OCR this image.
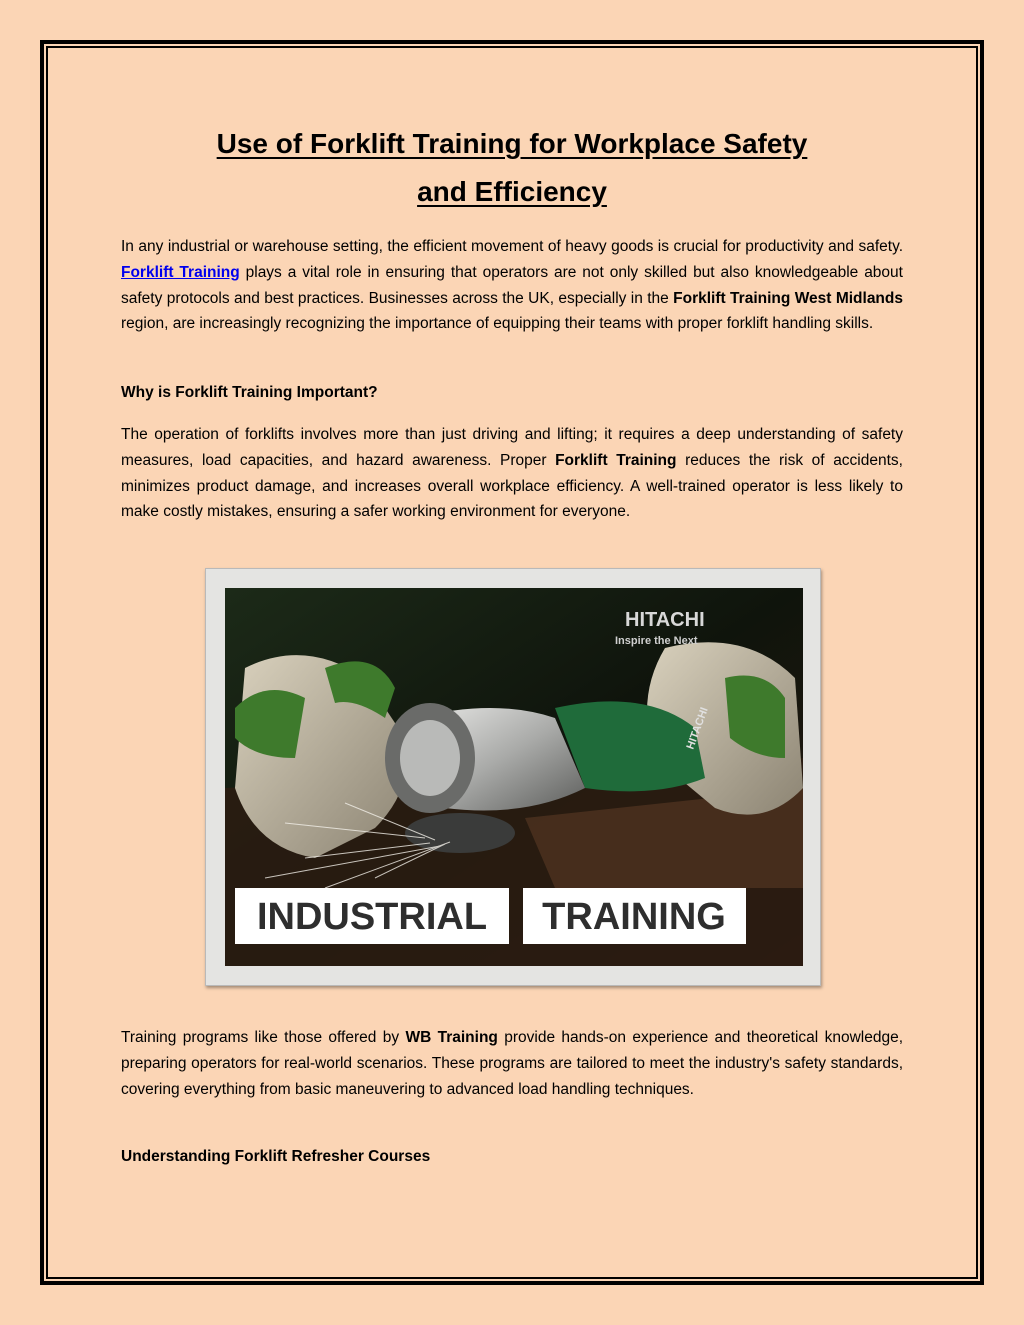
Use of Forklift Training for Workplace Safety
and Efficiency

In any industrial or warehouse setting, the efficient movement of heavy goods is crucial for productivity and safety. Forklift Training plays a vital role in ensuring that operators are not only skilled but also knowledgeable about safety protocols and best practices. Businesses across the UK, especially in the Forklift Training West Midlands region, are increasingly recognizing the importance of equipping their teams with proper forklift handling skills.

Why is Forklift Training Important?

The operation of forklifts involves more than just driving and lifting; it requires a deep understanding of safety measures, load capacities, and hazard awareness. Proper Forklift Training reduces the risk of accidents, minimizes product damage, and increases overall workplace efficiency. A well-trained operator is less likely to make costly mistakes, ensuring a safer working environment for everyone.

HITACHI
Inspire the Next
HITACHI
INDUSTRIAL TRAINING

Training programs like those offered by WB Training provide hands-on experience and theoretical knowledge, preparing operators for real-world scenarios. These programs are tailored to meet the industry's safety standards, covering everything from basic maneuvering to advanced load handling techniques.

Understanding Forklift Refresher Courses
